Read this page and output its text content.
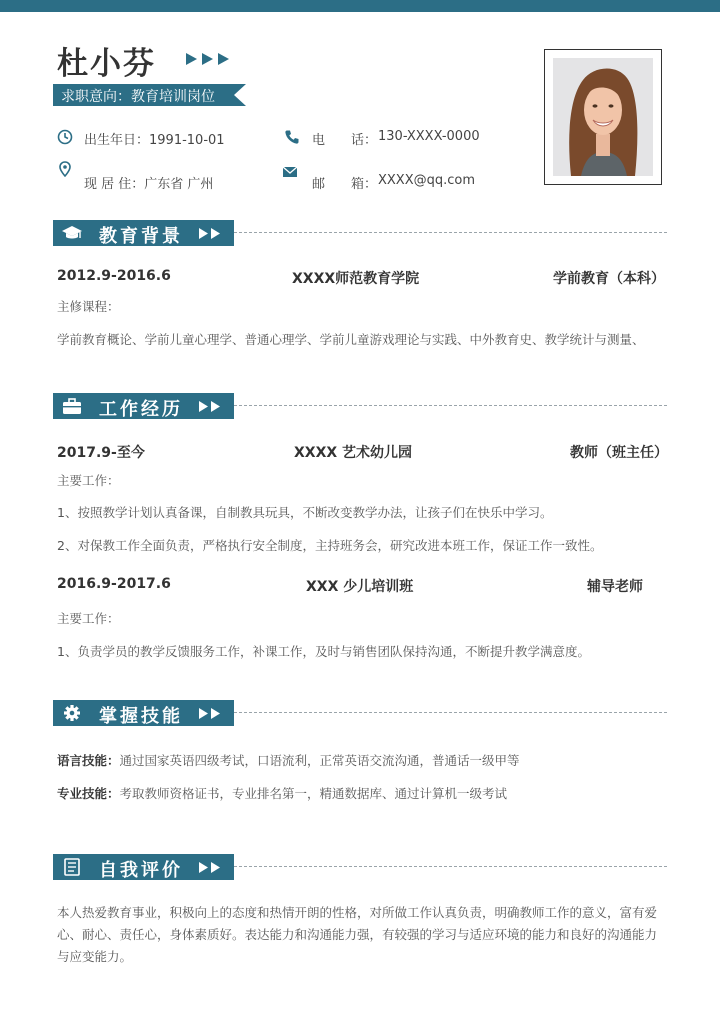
杜小芬
求职意向：教育培训岗位
出生年日：1991-10-01	电　　话： 130-XXXX-0000
现 居 住：广东省 广州	邮　　箱： XXXX@qq.com
教育背景
2012.9-2016.6	XXXX师范教育学院	学前教育（本科）
主修课程：
学前教育概论、学前儿童心理学、普通心理学、学前儿童游戏理论与实践、中外教育史、教学统计与测量、
工作经历
2017.9-至今	XXXX 艺术幼儿园	教师（班主任）
主要工作：
1、按照教学计划认真备课，自制教具玩具，不断改变教学办法，让孩子们在快乐中学习。
2、对保教工作全面负责，严格执行安全制度，主持班务会，研究改进本班工作，保证工作一致性。
2016.9-2017.6	XXX 少儿培训班	辅导老师
主要工作：
1、负责学员的教学反馈服务工作，补课工作，及时与销售团队保持沟通，不断提升教学满意度。
掌握技能
语言技能：通过国家英语四级考试，口语流利，正常英语交流沟通，普通话一级甲等
专业技能：考取教师资格证书，专业排名第一，精通数据库、通过计算机一级考试
自我评价
本人热爱教育事业，积极向上的态度和热情开朗的性格，对所做工作认真负责，明确教师工作的意义，富有爱心、耐心、责任心，身体素质好。表达能力和沟通能力强，有较强的学习与适应环境的能力和良好的沟通能力与应变能力。
